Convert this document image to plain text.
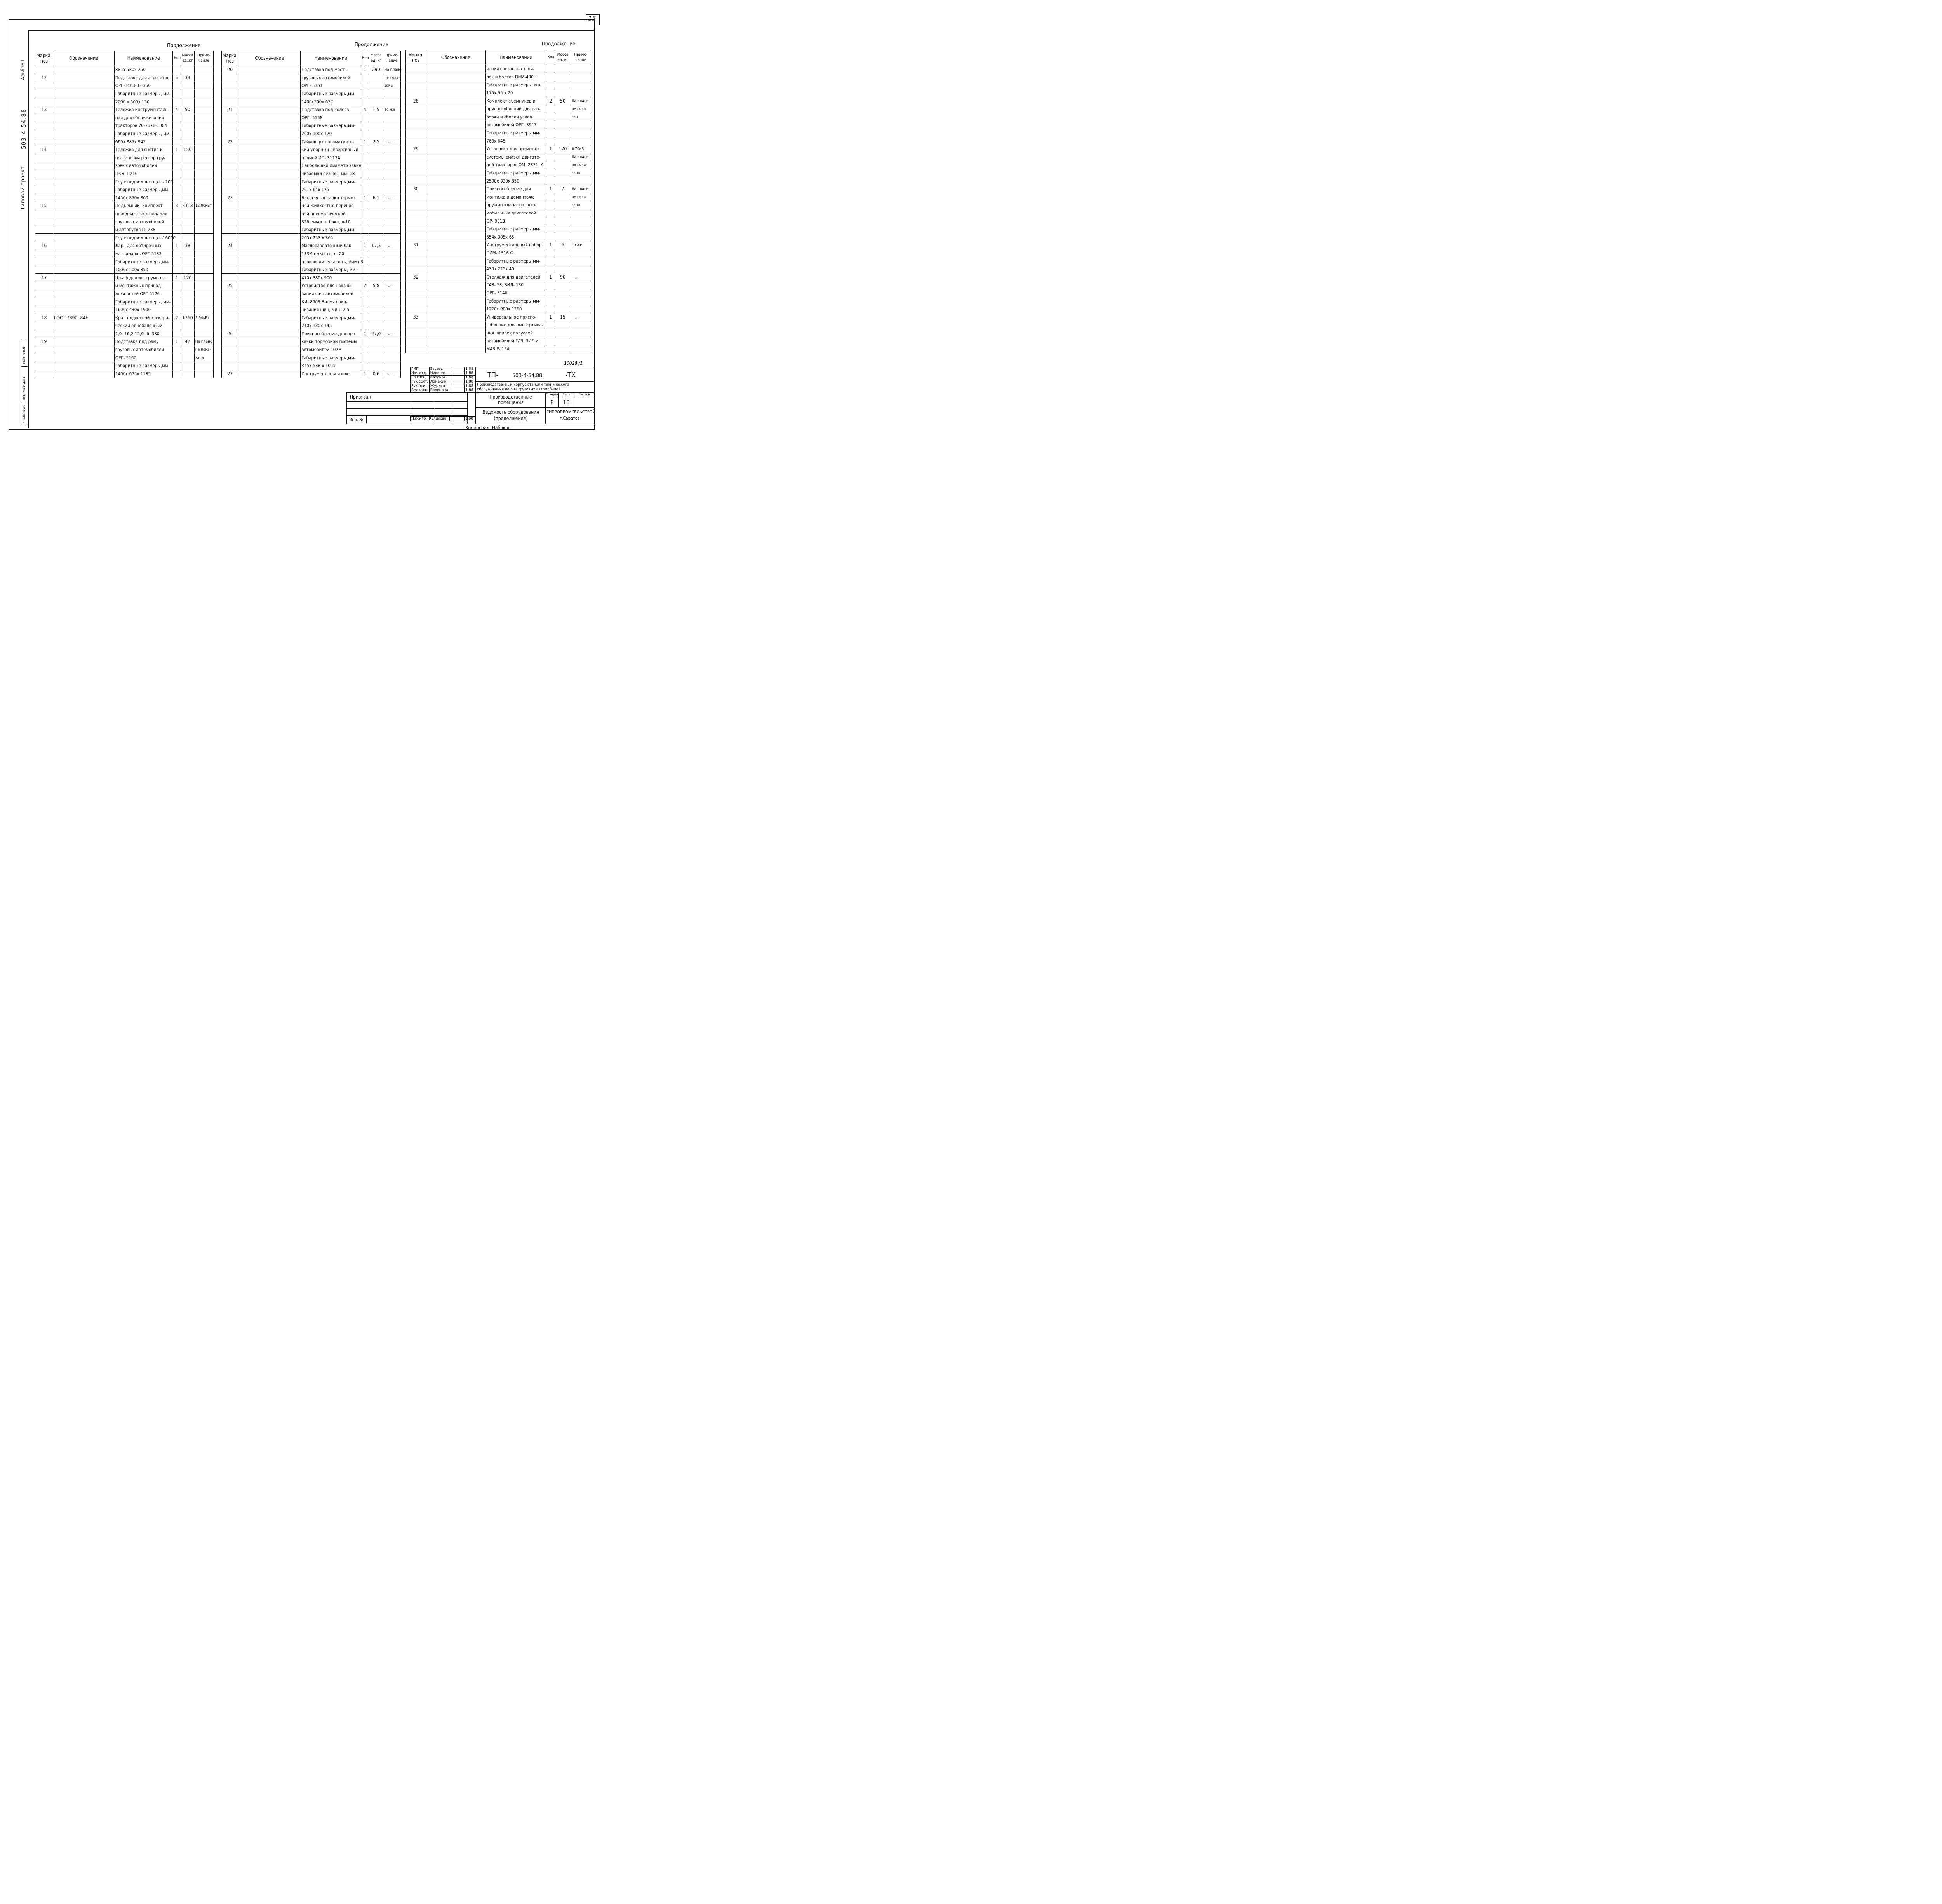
15
Альбом I
503-4-54.88
Типовой проект
Инв.№ подл.
Подпись и дата
Взам. инв.№
Продолжение	Продолжение	Продолжение
Марка, поз	Обозначение	Наименование	Кол.	Масса ед.,кг	Приме- чание
		885х 530х 250			
12		Подставка для агрегатов	5	33	
		ОРГ-1468-03-350			
		Габаритные размеры, мм-			
		2000 х 500х 150			
13		Тележка инструменталь-	4	50	
		ная для обслуживания			
		тракторов 70-7878-1004			
		Габаритные размеры, мм-			
		660х 385х 945			
14		Тележка для снятия и	1	150	
		постановки рессор гру-			
		зовых автомобилей			
		ЦКБ- П216			
		Грузоподъемность,кг - 100			
		Габаритные размеры,мм-			
		1450х 850х 860			
15		Подъемник- комплект	3	3313	12,00кВт
		передвижных стоек для			
		грузовых автомобилей			
		и автобусов П- 238			
		Грузоподъемность,кг-16000			
16		Ларь для обтирочных	1	38	
		материалов ОРГ-5133			
		Габаритные размеры,мм-			
		1000х 500х 850			
17		Шкаф для инструмента	1	120	
		и монтажных принад-			
		лежностей ОРГ-5126			
		Габаритные размеры, мм-			
		1600х 430х 1900			
18	ГОСТ 7890- 84Е	Кран подвесной электри-	2	1760	3,94кВт
		ческий однобалочный			
		2,0- 16,2-15,0- 6- 380			
19		Подставка под раму	1	42	На плане
		грузовых автомобилей			не пока-
		ОРГ- 5160			зана
		Габаритные размеры,мм			
		1400х 675х 1135			
Марка, поз	Обозначение	Наименование	Кол.	Масса ед.,кг	Приме- чание
20		Подставка под мосты	1	290	На плане
		грузовых автомобилей			не пока-
		ОРГ- 5161			зана
		Габаритные размеры,мм-			
		1400х500х 637			
21		Подставка под колеса	4	1,5	То же
		ОРГ- 5158			
		Габаритные размеры,мм-			
		200х 100х 120			
22		Гайковерт пневматичес-	1	2,5	—„—
		кий ударный реверсивный			
		прямой ИП- 3113А			
		Наибольший диаметр завин			
		чиваемой резьбы, мм- 18			
		Габаритные размеры,мм-			
		261х 64х 175			
23		Бак для заправки тормоз	1	6,1	—„—
		ной жидкостью переноc			
		ной пневматической			
		326 емкость бака, л-10			
		Габаритные размеры,мм-			
		265х 253 х 365			
24		Маслораздаточный бак	1	17,3	—„—
		133М емкость, л- 20			
		производительность,л/мин 3			
		Габаритные размеры, мм -			
		410х 380х 900			
25		Устройство для накачи-	2	5,8	—„—
		вания шин автомобилей			
		КИ- 8903 Время нака-			
		чивания шин, мин- 2-5			
		Габаритные размеры,мм-			
		210х 180х 145			
26		Приспособление для про-	1	27,0	—„—
		качки тормозной системы			
		автомобилей 107М			
		Габаритные размеры,мм-			
		345х 538 х 1055			
27		Инструмент для извле	1	0,6	—„—
Марка, поз	Обозначение	Наименование	Кол.	Масса ед.,кг	Приме- чание
		чения срезанных шпи-			
		лек и болтов ПИМ-490Н			
		Габаритные размеры, мм-			
		175х 95 х 20			
28		Комплект съемников и	2	50	На плане
		приспособлений для раз-			не пока
		борки и сборки узлов			зан
		автомобилей ОРГ- 8947			
		Габаритные размеры,мм-			
		760х 645			
29		Установка для промывки	1	170	6,70кВт
		системы смазки двигате-			На плане
		лей тракторов ОМ- 2871- А			не пока-
		Габаритные размеры,мм-			зана
		2500х 830х 850			
30		Приспособление для	1	7	На плане
		монтажа и демонтажа			не пока-
		пружин клапанов авто-			зано
		мобильных двигателей			
		ОР- 9913			
		Габаритные размеры,мм-			
		654х 305х 65			
31		Инструментальный набор	1	6	то же
		ПИМ- 1516 Ф			
		Габаритные размеры,мм-			
		430х 225х 40			
32		Стеллаж для двигателей	1	90	—„—
		ГАЗ- 53, ЗИЛ- 130			
		ОРГ- 5146			
		Габаритные размеры,мм-			
		1220х 900х 1290			
33		Универсальное приспо-	1	15	—„—
		собление для высверлива-			
		ния шпилек полуосей			
		автомобилей ГАЗ, ЗИЛ и			
		МАЗ Р- 154			
10028 /1
ГИП	Евсеев		1.88
Нач.отд.	Никонов		1.88
Гл.спец.	Кабанов		1.88
Рук.сект.	Ломакин		1.88
Рук.бриг.	Журкин		1.88
Вед.инж.	Воронина		1.88
ТП-	503-4-54.88	-ТХ
Производственный корпус станции технического обслуживания на 600 грузовых автомобилей
Привязан
Инв. №	Н.контр.	Куликова		1.88
Производственные помещения
Стадия	Лист	Листов
Р	10
Ведомость оборудования (продолжение)
ГИПРОПРОМСЕЛЬСТРОЙ г.Саратов
Копировал: Наблюд.
